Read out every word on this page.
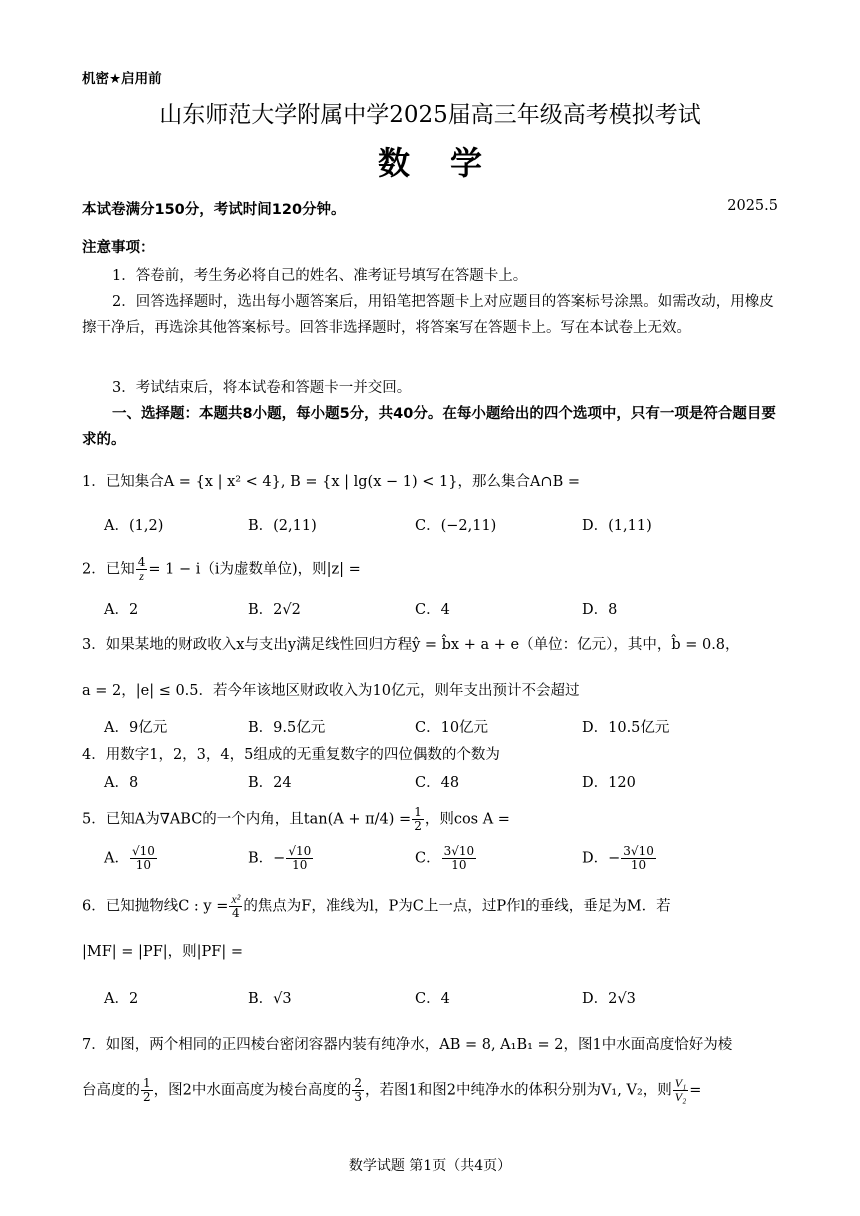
机密★启用前
山东师范大学附属中学2025届高三年级高考模拟考试
数学
本试卷满分150分，考试时间120分钟。	2025.5
注意事项：
1．答卷前，考生务必将自己的姓名、准考证号填写在答题卡上。
2．回答选择题时，选出每小题答案后，用铅笔把答题卡上对应题目的答案标号涂黑。如需改动，用橡皮擦干净后，再选涂其他答案标号。回答非选择题时，将答案写在答题卡上。写在本试卷上无效。
3．考试结束后，将本试卷和答题卡一并交回。
一、选择题：本题共8小题，每小题5分，共40分。在每小题给出的四个选项中，只有一项是符合题目要求的。
1．已知集合A = {x | x² < 4}, B = {x | lg(x − 1) < 1}，那么集合A∩B =
A．(1,2)	B．(2,11)	C．(−2,11)	D．(1,11)
2．已知 $\frac{4}{z} = 1 - i(i$为虚数单位)，则|z| =
A．2	B．2√2	C．4	D．8
3．如果某地的财政收入x与支出y满足线性回归方程ŷ = b̂x + a + e（单位：亿元），其中，b̂ = 0.8，
a = 2，|e| ≤ 0.5．若今年该地区财政收入为10亿元，则年支出预计不会超过
A．9亿元	B．9.5亿元	C．10亿元	D．10.5亿元
4．用数字1，2，3，4，5组成的无重复数字的四位偶数的个数为
A．8	B．24	C．48	D．120
5．已知A为∇ABC的一个内角，且$\tan(A + \pi/4) = \frac{1}{2}$ ，则cos A =
A． $\frac{√10}{10}$	B．− $\frac{√10}{10}$	C． $\frac{3√10}{10}$	D．− $\frac{3√10}{10}$
6．已知抛物线C : $y = \frac{\text{x²}}{4}$ 的焦点为F，准线为l，P为C上一点，过P作l的垂线，垂足为M．若
|MF| = |PF|，则|PF| =
A．2	B．√3	C．4	D．2√3
7．如图，两个相同的正四棱台密闭容器内装有纯净水，AB = 8, A₁B₁ = 2，图1中水面高度恰好为棱
台高度的 $\frac{1}{2}$ ，图2中水面高度为棱台高度的 $\frac{2}{3}$ ，若图1和图2中纯净水的体积分别为V₁, V₂，则 $\frac{\text{V₁}}{\text{V₂}}$ =
数学试题 第1页（共4页）
